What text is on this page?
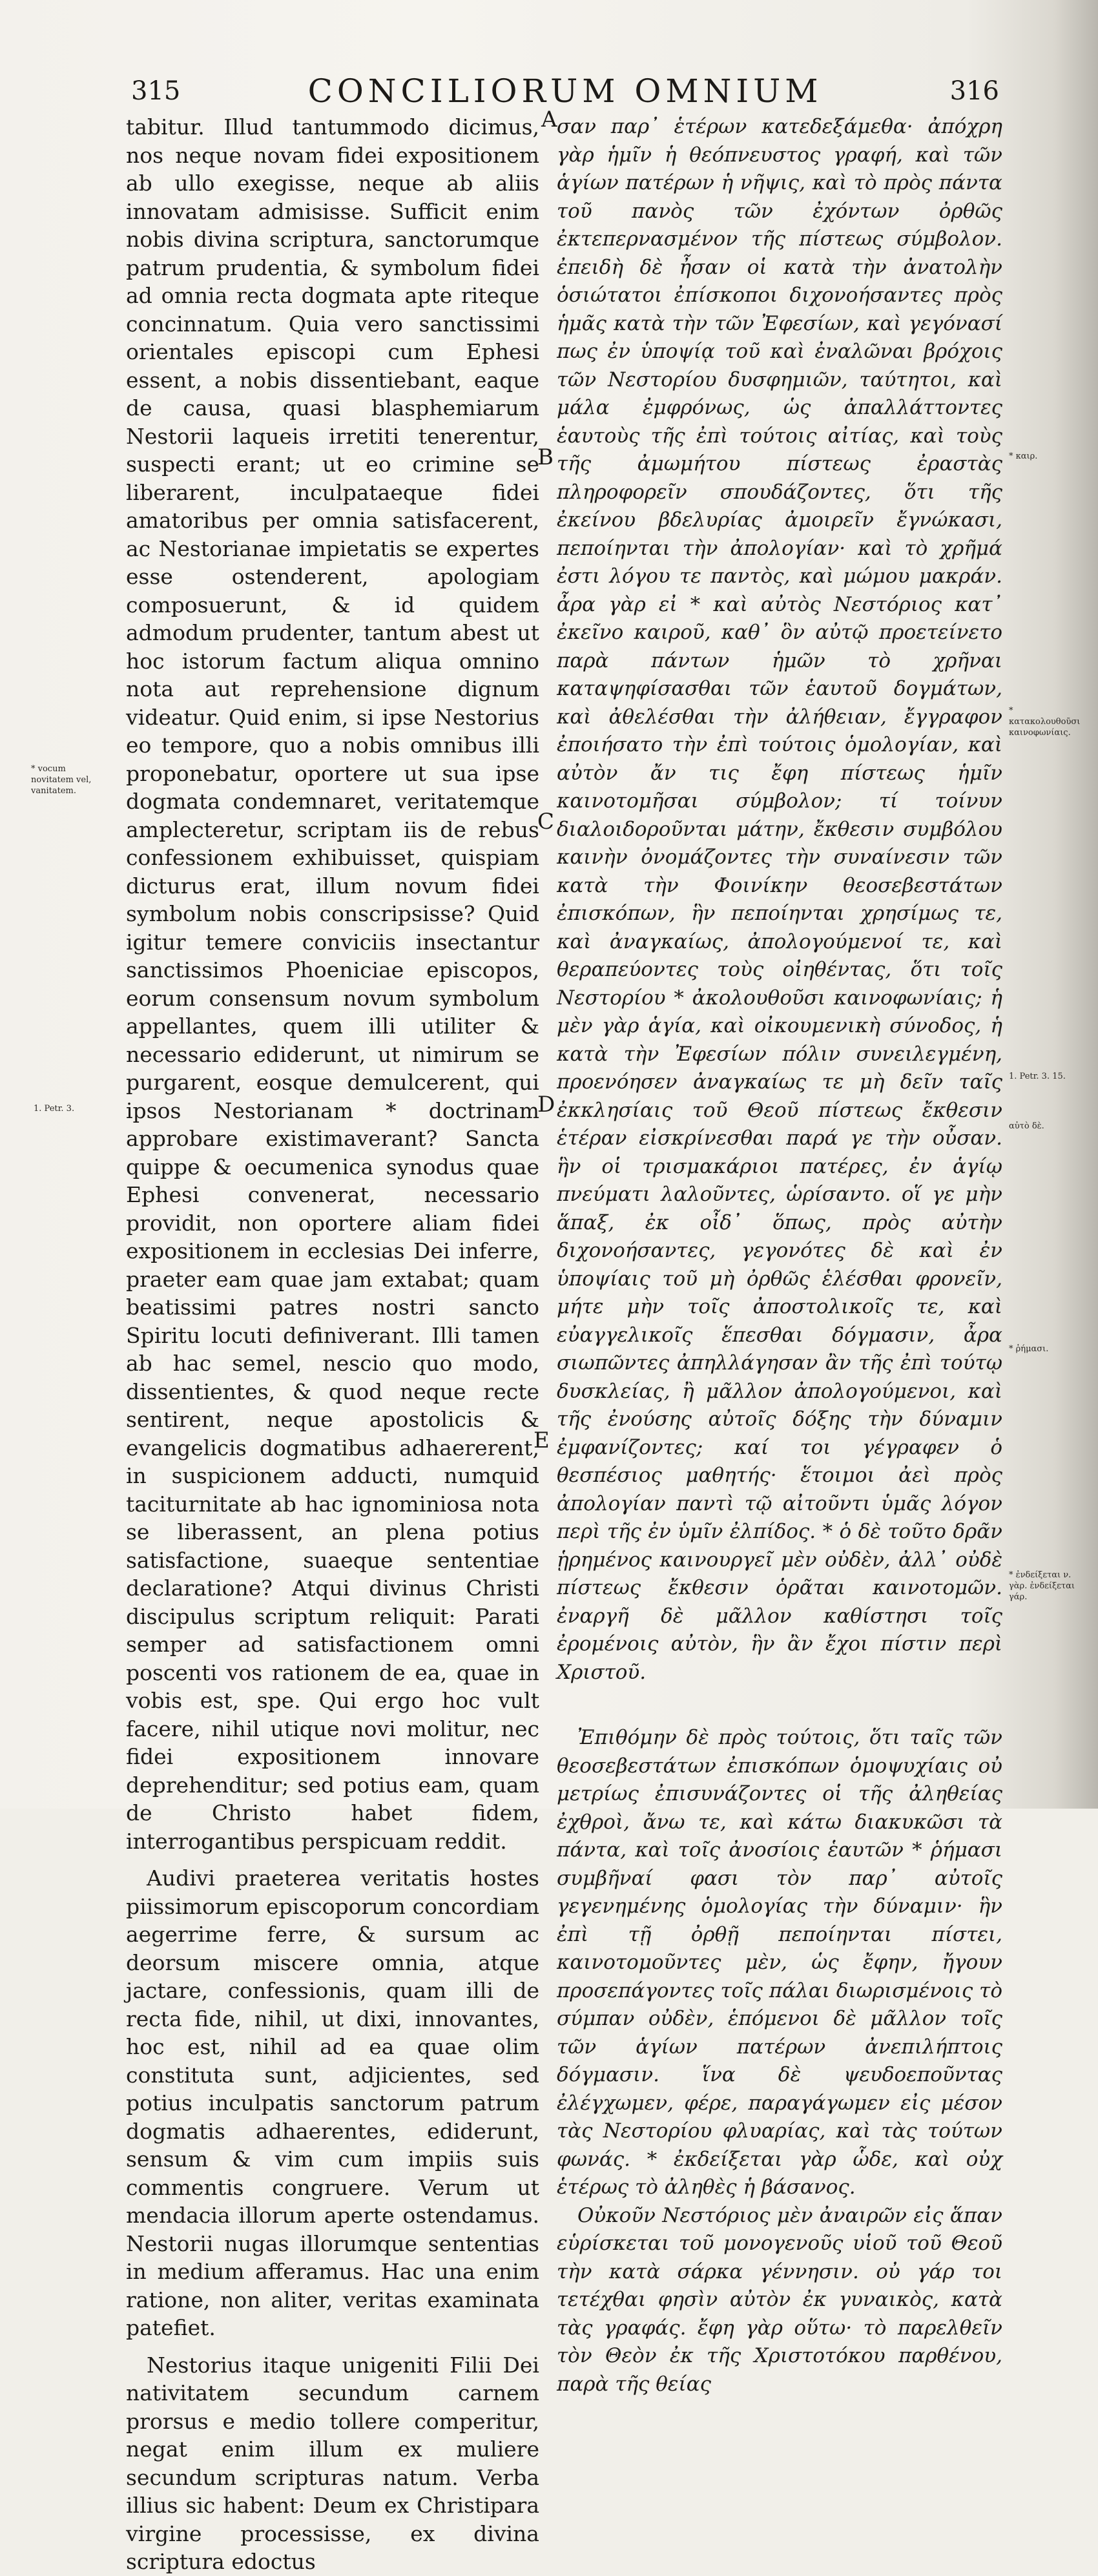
315	CONCILIORUM OMNIUM	316

tabitur. Illud tantummodo dicimus, nos neque novam fidei expositionem ab ullo exegisse, neque ab aliis innovatam admisisse. Sufficit enim nobis divina scriptura, sanctorumque patrum prudentia, & symbolum fidei ad omnia recta dogmata apte riteque concinnatum. Quia vero sanctissimi orientales episcopi cum Ephesi essent, a nobis dissentiebant, eaque de causa, quasi blasphemiarum Nestorii laqueis irretiti tenerentur, suspecti erant; ut eo crimine se liberarent, inculpataeque fidei amatoribus per omnia satisfacerent, ac Nestorianae impietatis se expertes esse ostenderent, apologiam composuerunt, & id quidem admodum prudenter, tantum abest ut hoc istorum factum aliqua omnino nota aut reprehensione dignum videatur. Quid enim, si ipse Nestorius eo tempore, quo a nobis omnibus illi proponebatur, oportere ut sua ipse dogmata condemnaret, veritatemque amplecteretur, scriptam iis de rebus confessionem exhibuisset, quispiam dicturus erat, illum novum fidei symbolum nobis conscripsisse? Quid igitur temere conviciis insectantur sanctissimos Phoeniciae episcopos, eorum consensum novum symbolum appellantes, quem illi utiliter & necessario ediderunt, ut nimirum se purgarent, eosque demulcerent, qui ipsos Nestorianam * doctrinam approbare existimaverant? Sancta quippe & oecumenica synodus quae Ephesi convenerat, necessario providit, non oportere aliam fidei expositionem in ecclesias Dei inferre, praeter eam quae jam extabat; quam beatissimi patres nostri sancto Spiritu locuti definiverant. Illi tamen ab hac semel, nescio quo modo, dissentientes, & quod neque recte sentirent, neque apostolicis & evangelicis dogmatibus adhaererent, in suspicionem adducti, numquid taciturnitate ab hac ignominiosa nota se liberassent, an plena potius satisfactione, suaeque sententiae declaratione? Atqui divinus Christi discipulus scriptum reliquit: Parati semper ad satisfactionem omni poscenti vos rationem de ea, quae in vobis est, spe. Qui ergo hoc vult facere, nihil utique novi molitur, nec fidei expositionem innovare deprehenditur; sed potius eam, quam de Christo habet fidem, interrogantibus perspicuam reddit.

Audivi praeterea veritatis hostes piissimorum episcoporum concordiam aegerrime ferre, & sursum ac deorsum miscere omnia, atque jactare, confessionis, quam illi de recta fide, nihil, ut dixi, innovantes, hoc est, nihil ad ea quae olim constituta sunt, adjicientes, sed potius inculpatis sanctorum patrum dogmatis adhaerentes, ediderunt, sensum & vim cum impiis suis commentis congruere. Verum ut mendacia illorum aperte ostendamus. Nestorii nugas illorumque sententias in medium afferamus. Hac una enim ratione, non aliter, veritas examinata patefiet.

Nestorius itaque unigeniti Filii Dei nativitatem secundum carnem prorsus e medio tollere comperitur, negat enim illum ex muliere secundum scripturas natum. Verba illius sic habent: Deum ex Christipara virgine processisse, ex divina scriptura edoctus

A
B
C
D
E

σαν παρ᾽ ἑτέρων κατεδεξάμεθα· ἀπόχρη γὰρ ἡμῖν ἡ θεόπνευστος γραφή, καὶ τῶν ἁγίων πατέρων ἡ νῆψις, καὶ τὸ πρὸς πάντα τοῦ πανὸς τῶν ἐχόντων ὀρθῶς ἐκτεπερνασμένον τῆς πίστεως σύμβολον. ἐπειδὴ δὲ ἦσαν οἱ κατὰ τὴν ἀνατολὴν ὁσιώτατοι ἐπίσκοποι διχονοήσαντες πρὸς ἡμᾶς κατὰ τὴν τῶν Ἐφεσίων, καὶ γεγόνασί πως ἐν ὑποψίᾳ τοῦ καὶ ἐναλῶναι βρόχοις τῶν Νεστορίου δυσφημιῶν, ταύτητοι, καὶ μάλα ἐμφρόνως, ὡς ἀπαλλάττοντες ἑαυτοὺς τῆς ἐπὶ τούτοις αἰτίας, καὶ τοὺς τῆς ἀμωμήτου πίστεως ἐραστὰς πληροφορεῖν σπουδάζοντες, ὅτι τῆς ἐκείνου βδελυρίας ἀμοιρεῖν ἔγνώκασι, πεποίηνται τὴν ἀπολογίαν· καὶ τὸ χρῆμά ἐστι λόγου τε παντὸς, καὶ μώμου μακράν. ἆρα γὰρ εἰ * καὶ αὐτὸς Νεστόριος κατ᾽ ἐκεῖνο καιροῦ, καθ᾽ ὃν αὐτῷ προετείνετο παρὰ πάντων ἡμῶν τὸ χρῆναι καταψηφίσασθαι τῶν ἑαυτοῦ δογμάτων, καὶ ἀθελέσθαι τὴν ἀλήθειαν, ἔγγραφον ἐποιήσατο τὴν ἐπὶ τούτοις ὁμολογίαν, καὶ αὐτὸν ἄν τις ἔφη πίστεως ἡμῖν καινοτομῆσαι σύμβολον; τί τοίνυν διαλοιδοροῦνται μάτην, ἔκθεσιν συμβόλου καινὴν ὀνομάζοντες τὴν συναίνεσιν τῶν κατὰ τὴν Φοινίκην θεοσεβεστάτων ἐπισκόπων, ἣν πεποίηνται χρησίμως τε, καὶ ἀναγκαίως, ἀπολογούμενοί τε, καὶ θεραπεύοντες τοὺς οἰηθέντας, ὅτι τοῖς Νεστορίου * ἀκολουθοῦσι καινοφωνίαις; ἡ μὲν γὰρ ἁγία, καὶ οἰκουμενικὴ σύνοδος, ἡ κατὰ τὴν Ἐφεσίων πόλιν συνειλεγμένη, προενόησεν ἀναγκαίως τε μὴ δεῖν ταῖς ἐκκλησίαις τοῦ Θεοῦ πίστεως ἔκθεσιν ἑτέραν εἰσκρίνεσθαι παρά γε τὴν οὖσαν. ἣν οἱ τρισμακάριοι πατέρες, ἐν ἁγίῳ πνεύματι λαλοῦντες, ὡρίσαντο. οἵ γε μὴν ἅπαξ, ἐκ οἶδ᾽ ὅπως, πρὸς αὐτὴν διχονοήσαντες, γεγονότες δὲ καὶ ἐν ὑποψίαις τοῦ μὴ ὀρθῶς ἑλέσθαι φρονεῖν, μήτε μὴν τοῖς ἀποστολικοῖς τε, καὶ εὐαγγελικοῖς ἕπεσθαι δόγμασιν, ἆρα σιωπῶντες ἀπηλλάγησαν ἂν τῆς ἐπὶ τούτῳ δυσκλείας, ἢ μᾶλλον ἀπολογούμενοι, καὶ τῆς ἐνούσης αὐτοῖς δόξης τὴν δύναμιν ἐμφανίζοντες; καί τοι γέγραφεν ὁ θεσπέσιος μαθητής· ἕτοιμοι ἀεὶ πρὸς ἀπολογίαν παντὶ τῷ αἰτοῦντι ὑμᾶς λόγον περὶ τῆς ἐν ὑμῖν ἐλπίδος. * ὁ δὲ τοῦτο δρᾶν ᾑρημένος καινουργεῖ μὲν οὐδὲν, ἀλλ᾽ οὐδὲ πίστεως ἔκθεσιν ὁρᾶται καινοτομῶν. ἐναργῆ δὲ μᾶλλον καθίστησι τοῖς ἐρομένοις αὐτὸν, ἣν ἂν ἔχοι πίστιν περὶ Χριστοῦ.

Ἐπιθόμην δὲ πρὸς τούτοις, ὅτι ταῖς τῶν θεοσεβεστάτων ἐπισκόπων ὁμοψυχίαις οὐ μετρίως ἐπισυνάζοντες οἱ τῆς ἀληθείας ἐχθροὶ, ἄνω τε, καὶ κάτω διακυκῶσι τὰ πάντα, καὶ τοῖς ἀνοσίοις ἑαυτῶν * ῥήμασι συμβῆναί φασι τὸν παρ᾽ αὐτοῖς γεγενημένης ὁμολογίας τὴν δύναμιν· ἣν ἐπὶ τῇ ὀρθῇ πεποίηνται πίστει, καινοτομοῦντες μὲν, ὡς ἔφην, ἤγουν προσεπάγοντες τοῖς πάλαι διωρισμένοις τὸ σύμπαν οὐδὲν, ἑπόμενοι δὲ μᾶλλον τοῖς τῶν ἁγίων πατέρων ἀνεπιλήπτοις δόγμασιν. ἵνα δὲ ψευδοεποῦντας ἐλέγχωμεν, φέρε, παραγάγωμεν εἰς μέσον τὰς Νεστορίου φλυαρίας, καὶ τὰς τούτων φωνάς. * ἐκδείξεται γὰρ ὧδε, καὶ οὐχ ἑτέρως τὸ ἀληθὲς ἡ βάσανος.

Οὐκοῦν Νεστόριος μὲν ἀναιρῶν εἰς ἅπαν εὑρίσκεται τοῦ μονογενοῦς υἱοῦ τοῦ Θεοῦ τὴν κατὰ σάρκα γέννησιν. οὐ γάρ τοι τετέχθαι φησὶν αὐτὸν ἐκ γυναικὸς, κατὰ τὰς γραφάς. ἔφη γὰρ οὕτω· τὸ παρελθεῖν τὸν Θεὸν ἐκ τῆς Χριστοτόκου παρθένου, παρὰ τῆς θείας

* vocum novitatem vel, vanitatem.
1. Petr. 3.
* καιρ.
* κατακολουθοῦσι καινοφωνίαις.
1. Petr. 3. 15.
αὐτὸ δὲ.
* ῥήμασι.
* ἐνδείξεται ν. γὰρ. ἐνδείξεται γάρ.
